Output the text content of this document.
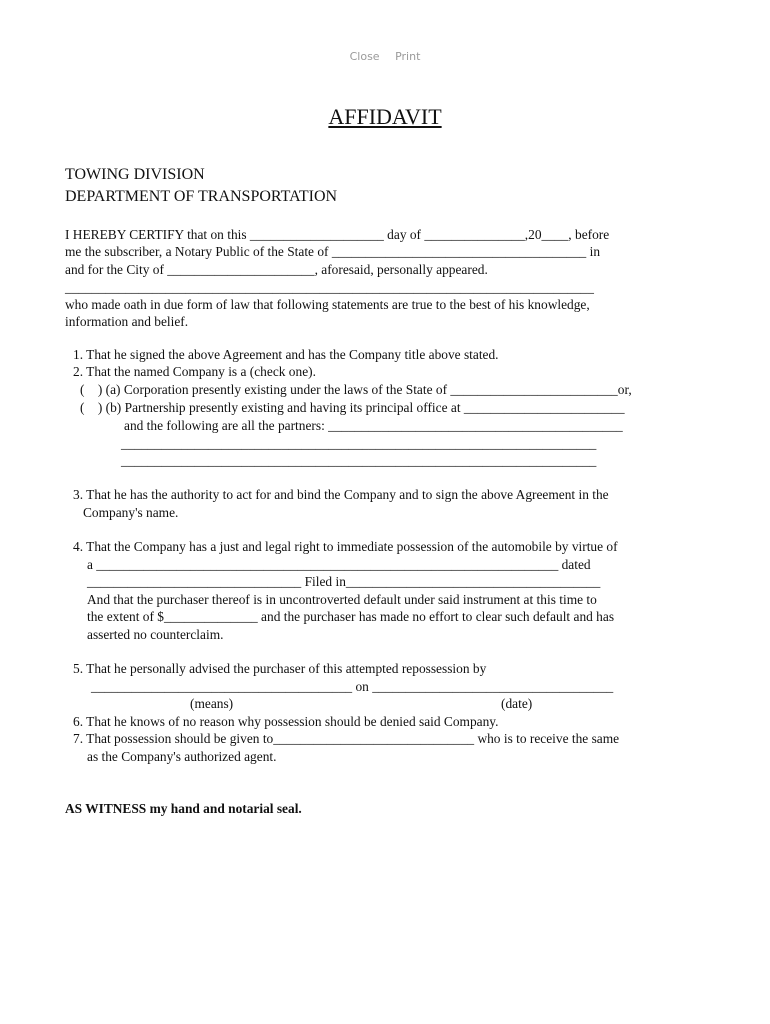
Close Print
AFFIDAVIT
TOWING DIVISION
DEPARTMENT OF TRANSPORTATION
I HEREBY CERTIFY that on this ____________________ day of _______________,20____, before
me the subscriber, a Notary Public of the State of ______________________________________ in
and for the City of ______________________, aforesaid, personally appeared.
_______________________________________________________________________________
who made oath in due form of law that following statements are true to the best of his knowledge,
information and belief.
1. That he signed the above Agreement and has the Company title above stated.
2. That the named Company is a (check one).
(    ) (a) Corporation presently existing under the laws of the State of _________________________or,
(    ) (b) Partnership presently existing and having its principal office at ________________________
and the following are all the partners: ____________________________________________
_______________________________________________________________________
_______________________________________________________________________
3. That he has the authority to act for and bind the Company and to sign the above Agreement in the
Company's name.
4. That the Company has a just and legal right to immediate possession of the automobile by virtue of
a _____________________________________________________________________ dated
________________________________ Filed in______________________________________
And that the purchaser thereof is in uncontroverted default under said instrument at this time to
the extent of $______________ and the purchaser has made no effort to clear such default and has
asserted no counterclaim.
5. That he personally advised the purchaser of this attempted repossession by
_______________________________________ on ____________________________________
(means)	(date)
6. That he knows of no reason why possession should be denied said Company.
7. That possession should be given to______________________________ who is to receive the same
as the Company's authorized agent.
AS WITNESS my hand and notarial seal.
